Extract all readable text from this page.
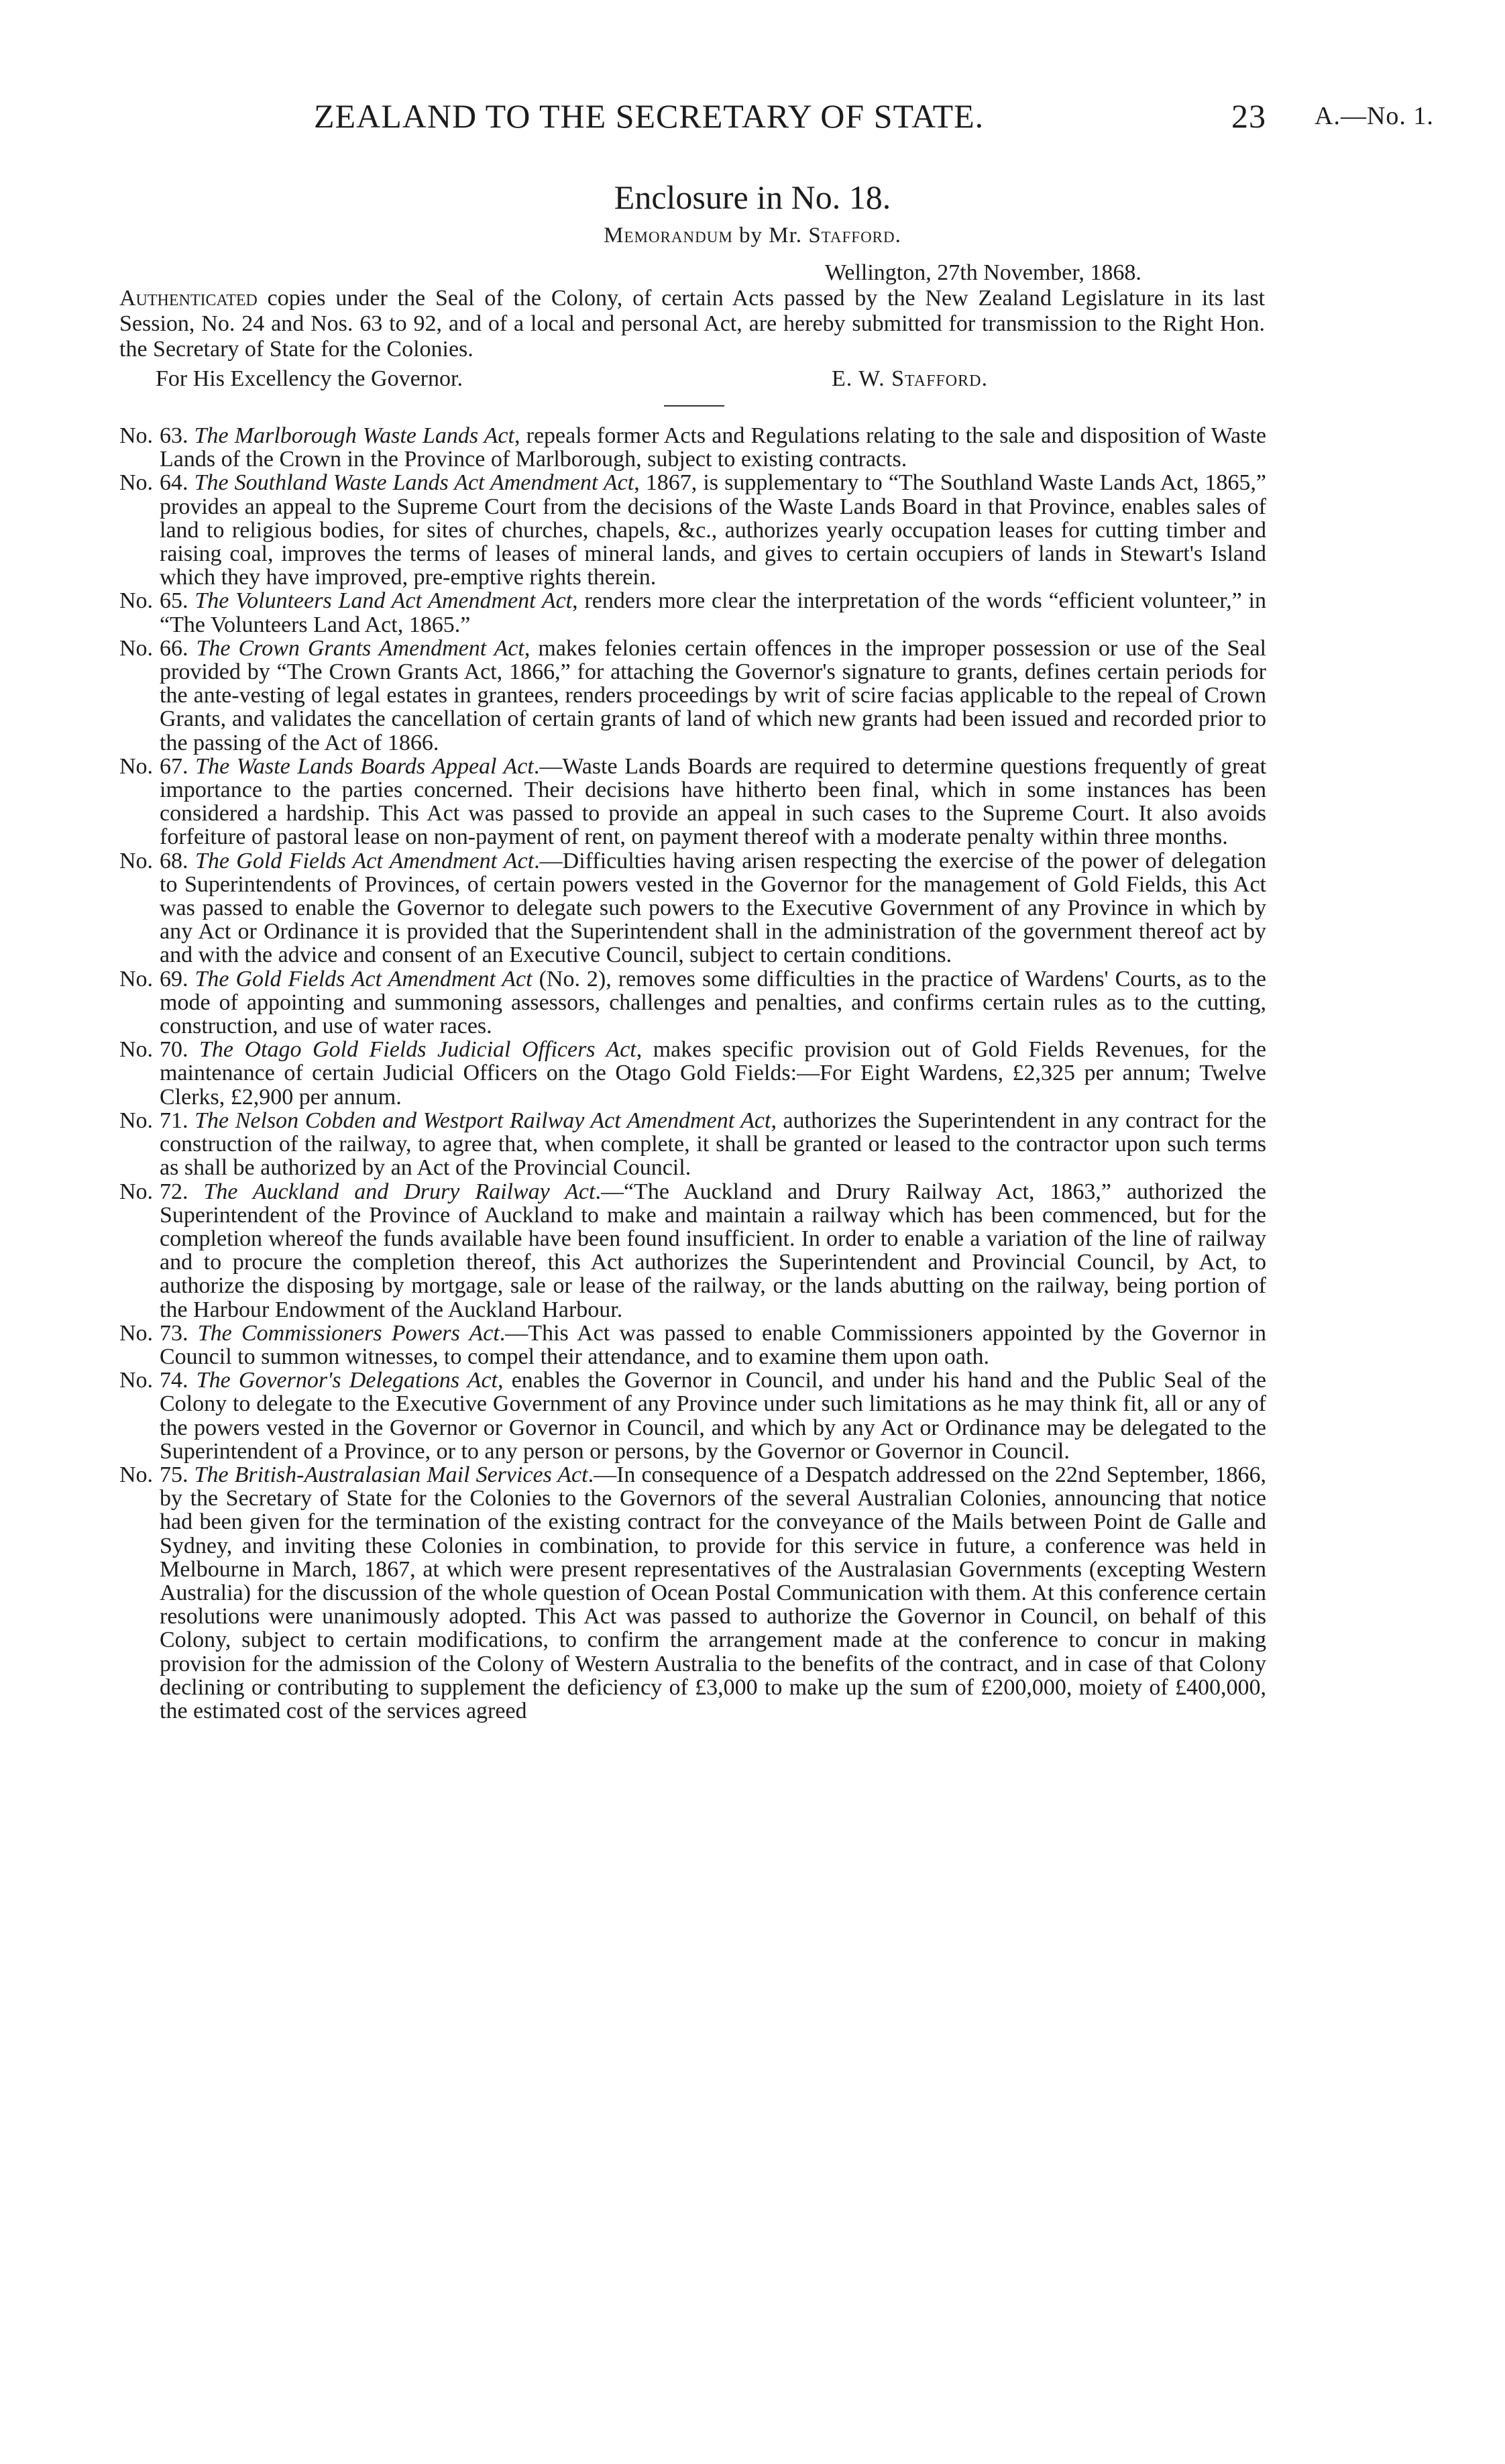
ZEALAND TO THE SECRETARY OF STATE.	23 A.—No. 1.
Enclosure in No. 18.
Memorandum by Mr. Stafford.
Wellington, 27th November, 1868.
Authenticated copies under the Seal of the Colony, of certain Acts passed by the New Zealand Legislature in its last Session, No. 24 and Nos. 63 to 92, and of a local and personal Act, are hereby submitted for transmission to the Right Hon. the Secretary of State for the Colonies.
For His Excellency the Governor.	E. W. Stafford.
No. 63. The Marlborough Waste Lands Act, repeals former Acts and Regulations relating to the sale and disposition of Waste Lands of the Crown in the Province of Marlborough, subject to existing contracts.
No. 64. The Southland Waste Lands Act Amendment Act, 1867, is supplementary to “The Southland Waste Lands Act, 1865,” provides an appeal to the Supreme Court from the decisions of the Waste Lands Board in that Province, enables sales of land to religious bodies, for sites of churches, chapels, &c., authorizes yearly occupation leases for cutting timber and raising coal, improves the terms of leases of mineral lands, and gives to certain occupiers of lands in Stewart's Island which they have improved, pre-emptive rights therein.
No. 65. The Volunteers Land Act Amendment Act, renders more clear the interpretation of the words “efficient volunteer,” in “The Volunteers Land Act, 1865.”
No. 66. The Crown Grants Amendment Act, makes felonies certain offences in the improper possession or use of the Seal provided by “The Crown Grants Act, 1866,” for attaching the Governor's signature to grants, defines certain periods for the ante-vesting of legal estates in grantees, renders proceedings by writ of scire facias applicable to the repeal of Crown Grants, and validates the cancellation of certain grants of land of which new grants had been issued and recorded prior to the passing of the Act of 1866.
No. 67. The Waste Lands Boards Appeal Act.—Waste Lands Boards are required to determine questions frequently of great importance to the parties concerned. Their decisions have hitherto been final, which in some instances has been considered a hardship. This Act was passed to provide an appeal in such cases to the Supreme Court. It also avoids forfeiture of pastoral lease on non-payment of rent, on payment thereof with a moderate penalty within three months.
No. 68. The Gold Fields Act Amendment Act.—Difficulties having arisen respecting the exercise of the power of delegation to Superintendents of Provinces, of certain powers vested in the Governor for the management of Gold Fields, this Act was passed to enable the Governor to delegate such powers to the Executive Government of any Province in which by any Act or Ordinance it is provided that the Superintendent shall in the administration of the government thereof act by and with the advice and consent of an Executive Council, subject to certain conditions.
No. 69. The Gold Fields Act Amendment Act (No. 2), removes some difficulties in the practice of Wardens' Courts, as to the mode of appointing and summoning assessors, challenges and penalties, and confirms certain rules as to the cutting, construction, and use of water races.
No. 70. The Otago Gold Fields Judicial Officers Act, makes specific provision out of Gold Fields Revenues, for the maintenance of certain Judicial Officers on the Otago Gold Fields:—For Eight Wardens, £2,325 per annum; Twelve Clerks, £2,900 per annum.
No. 71. The Nelson Cobden and Westport Railway Act Amendment Act, authorizes the Superintendent in any contract for the construction of the railway, to agree that, when complete, it shall be granted or leased to the contractor upon such terms as shall be authorized by an Act of the Provincial Council.
No. 72. The Auckland and Drury Railway Act.—“The Auckland and Drury Railway Act, 1863,” authorized the Superintendent of the Province of Auckland to make and maintain a railway which has been commenced, but for the completion whereof the funds available have been found insufficient. In order to enable a variation of the line of railway and to procure the completion thereof, this Act authorizes the Superintendent and Provincial Council, by Act, to authorize the disposing by mortgage, sale or lease of the railway, or the lands abutting on the railway, being portion of the Harbour Endowment of the Auckland Harbour.
No. 73. The Commissioners Powers Act.—This Act was passed to enable Commissioners appointed by the Governor in Council to summon witnesses, to compel their attendance, and to examine them upon oath.
No. 74. The Governor's Delegations Act, enables the Governor in Council, and under his hand and the Public Seal of the Colony to delegate to the Executive Government of any Province under such limitations as he may think fit, all or any of the powers vested in the Governor or Governor in Council, and which by any Act or Ordinance may be delegated to the Superintendent of a Province, or to any person or persons, by the Governor or Governor in Council.
No. 75. The British-Australasian Mail Services Act.—In consequence of a Despatch addressed on the 22nd September, 1866, by the Secretary of State for the Colonies to the Governors of the several Australian Colonies, announcing that notice had been given for the termination of the existing contract for the conveyance of the Mails between Point de Galle and Sydney, and inviting these Colonies in combination, to provide for this service in future, a conference was held in Melbourne in March, 1867, at which were present representatives of the Australasian Governments (excepting Western Australia) for the discussion of the whole question of Ocean Postal Communication with them. At this conference certain resolutions were unanimously adopted. This Act was passed to authorize the Governor in Council, on behalf of this Colony, subject to certain modifications, to confirm the arrangement made at the conference to concur in making provision for the admission of the Colony of Western Australia to the benefits of the contract, and in case of that Colony declining or contributing to supplement the deficiency of £3,000 to make up the sum of £200,000, moiety of £400,000, the estimated cost of the services agreed
